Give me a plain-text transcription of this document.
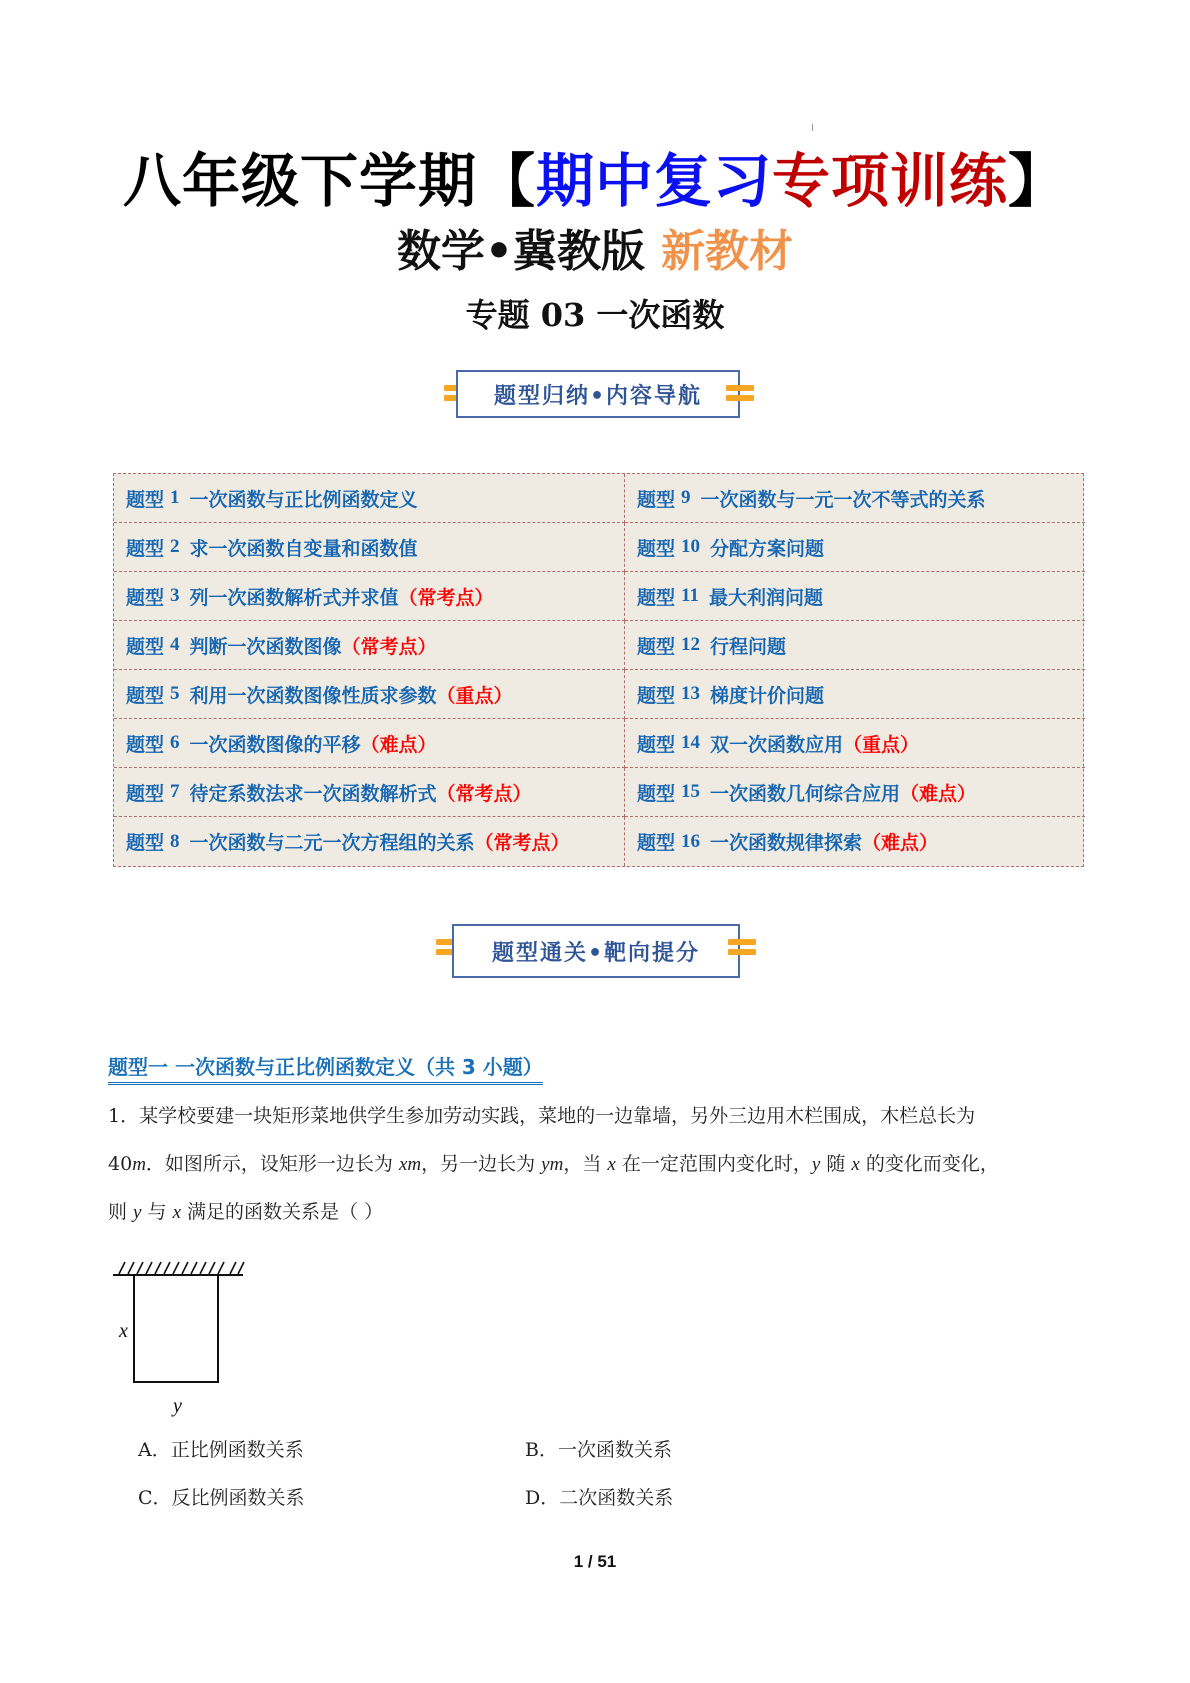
八年级下学期【期中复习专项训练】
数学•冀教版 新教材
专题 03 一次函数
题型归纳•内容导航
题型 1 一次函数与正比例函数定义	题型 9 一次函数与一元一次不等式的关系
题型 2 求一次函数自变量和函数值	题型 10 分配方案问题
题型 3 列一次函数解析式并求值 （常考点）	题型 11 最大利润问题
题型 4 判断一次函数图像 （常考点）	题型 12 行程问题
题型 5 利用一次函数图像性质求参数 （重点）	题型 13 梯度计价问题
题型 6 一次函数图像的平移 （难点）	题型 14 双一次函数应用 （重点）
题型 7 待定系数法求一次函数解析式 （常考点）	题型 15 一次函数几何综合应用 （难点）
题型 8 一次函数与二元一次方程组的关系 （常考点）	题型 16 一次函数规律探索 （难点）
题型通关•靶向提分
题型一 一次函数与正比例函数定义（共 3 小题）
1．某学校要建一块矩形菜地供学生参加劳动实践，菜地的一边靠墙，另外三边用木栏围成，木栏总长为
40m．如图所示，设矩形一边长为 xm，另一边长为 ym，当 x 在一定范围内变化时，y 随 x 的变化而变化，
则 y 与 x 满足的函数关系是（ ）
x
y
A．正比例函数关系	B．一次函数关系
C．反比例函数关系	D．二次函数关系
1 / 51
